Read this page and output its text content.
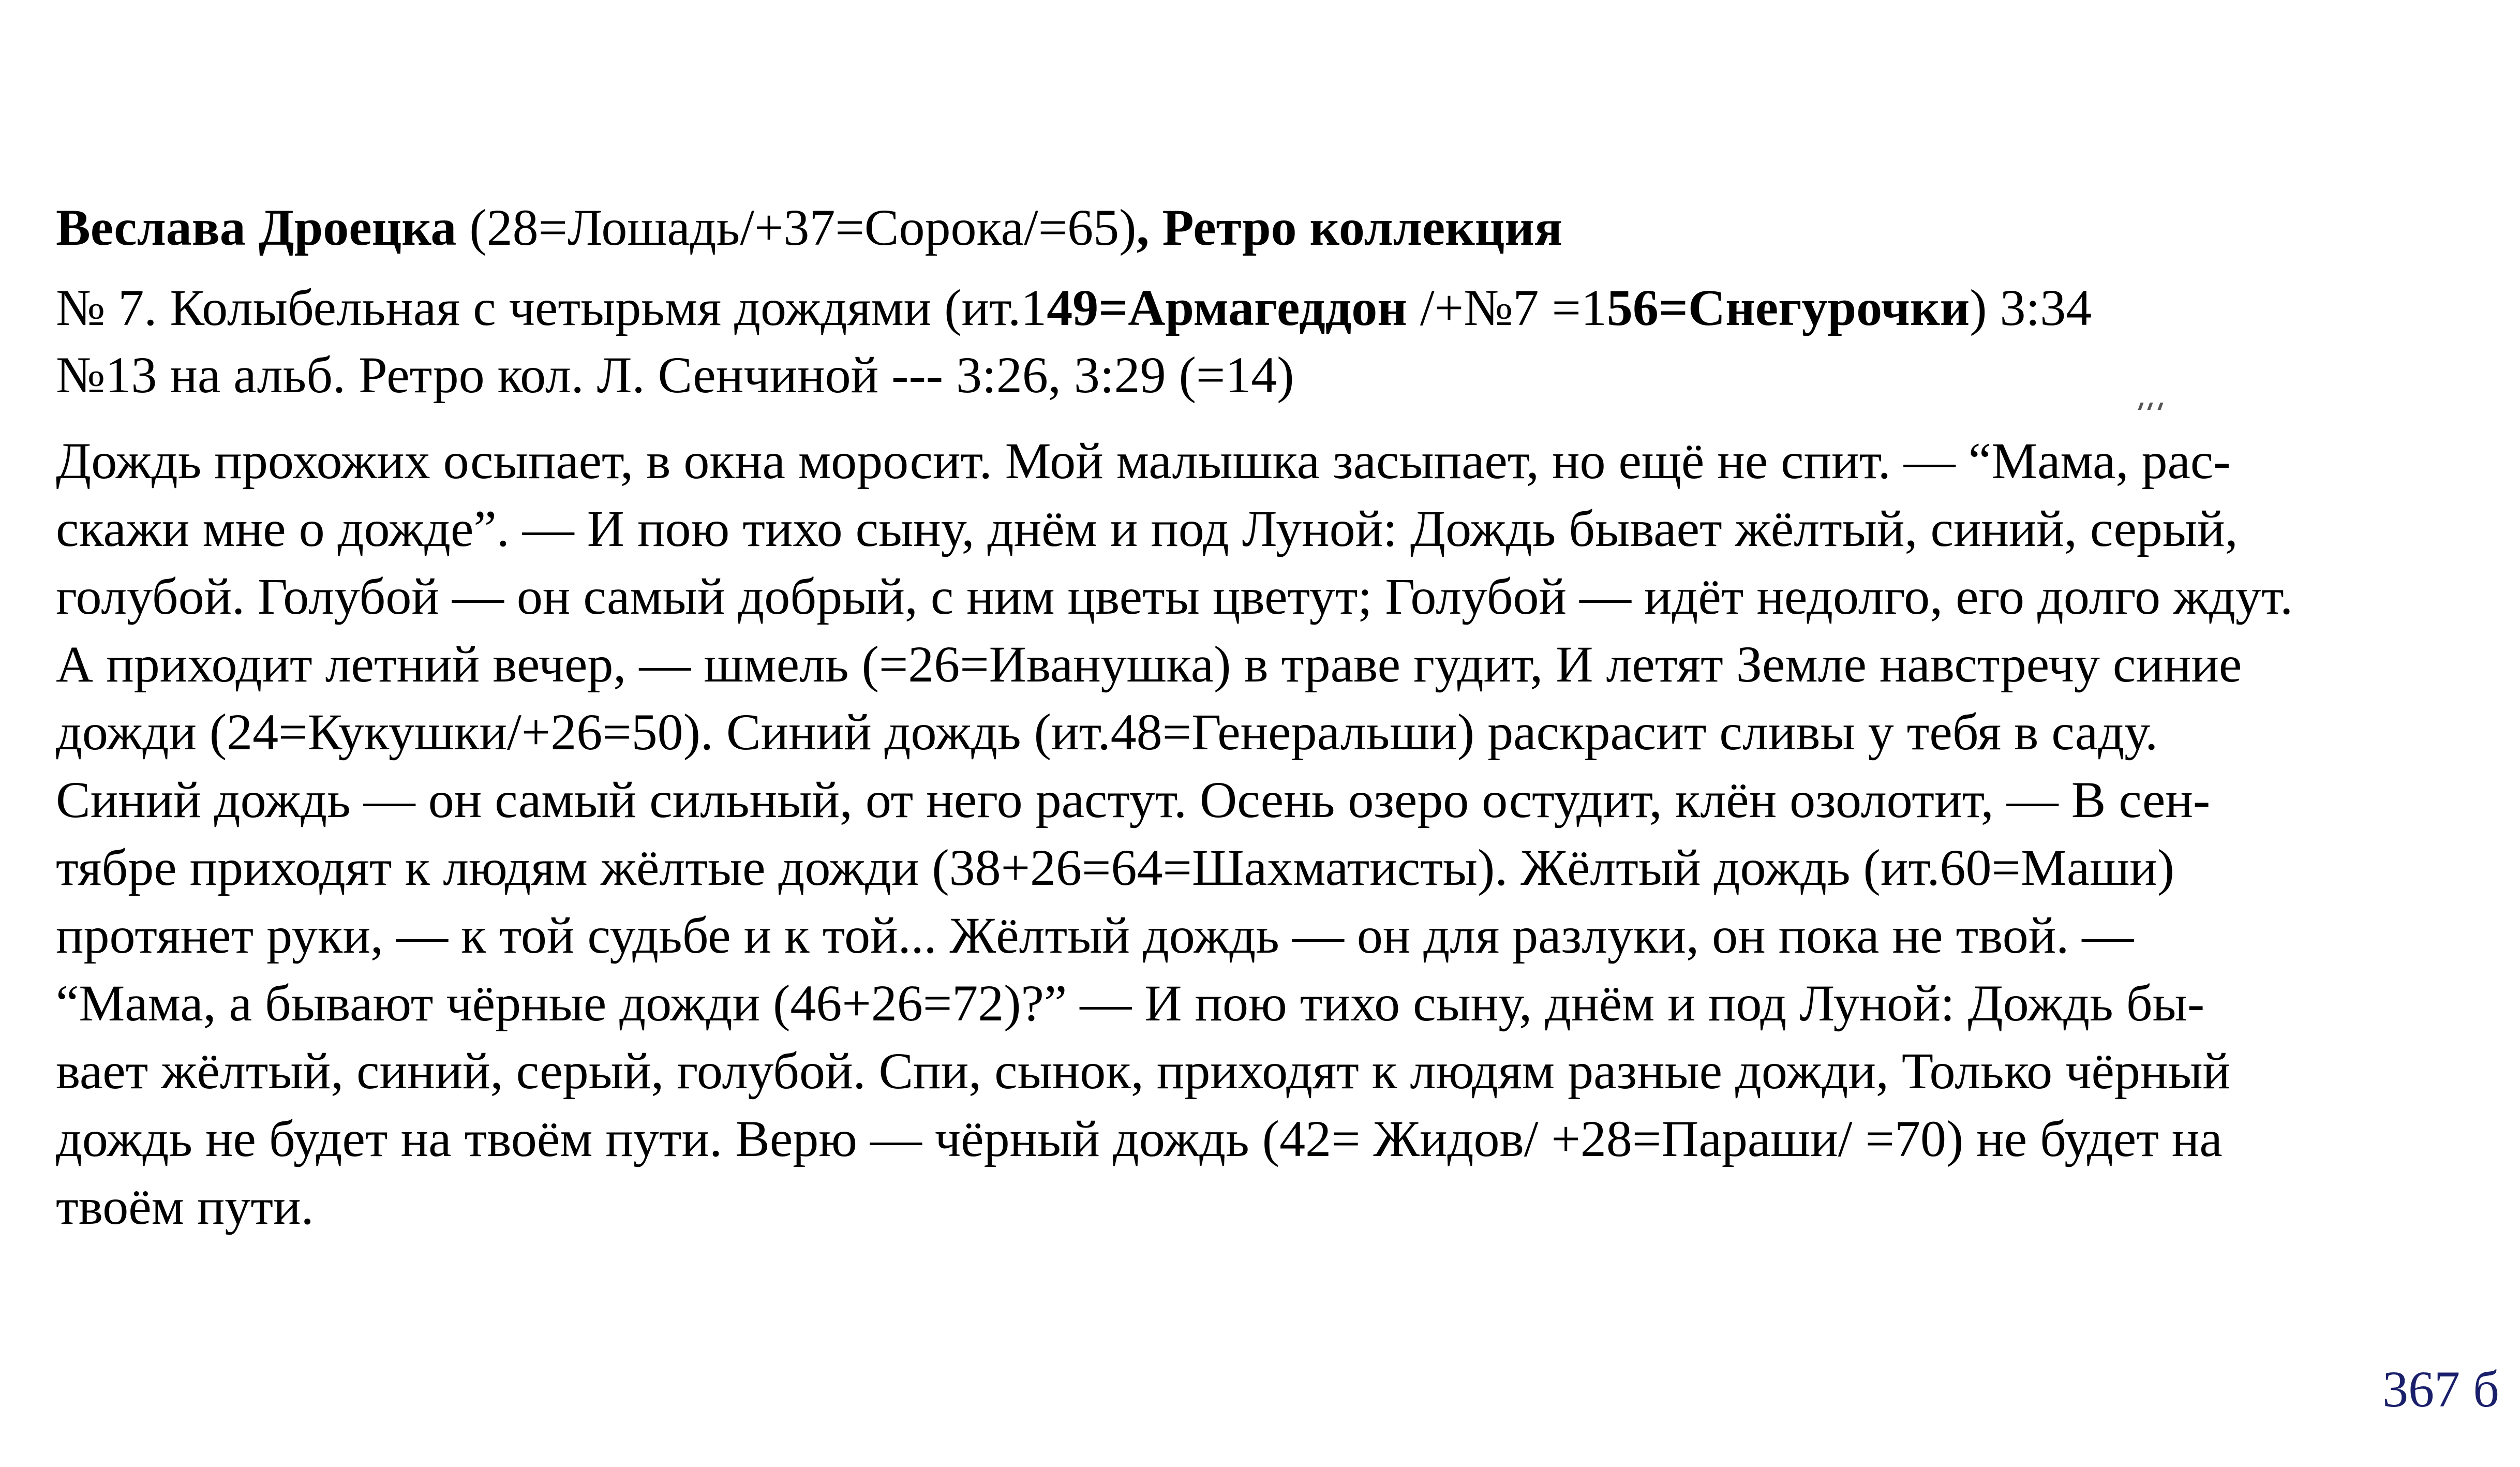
Веслава Дроецка (28=Лошадь/+37=Сорока/=65), Ретро коллекция
№ 7. Колыбельная с четырьмя дождями (ит.149=Армагеддон /+№7 =156=Снегурочки) 3:34
№13 на альб. Ретро кол. Л. Сенчиной --- 3:26, 3:29 (=14)
Дождь прохожих осыпает, в окна моросит. Мой малышка засыпает, но ещё не спит. — “Мама, рас-
скажи мне о дожде”. — И пою тихо сыну, днём и под Луной: Дождь бывает жёлтый, синий, серый,
голубой. Голубой — он самый добрый, с ним цветы цветут; Голубой — идёт недолго, его долго ждут.
А приходит летний вечер, — шмель (=26=Иванушка) в траве гудит, И летят Земле навстречу синие
дожди (24=Кукушки/+26=50). Синий дождь (ит.48=Генеральши) раскрасит сливы у тебя в саду.
Синий дождь — он самый сильный, от него растут. Осень озеро остудит, клён озолотит, — В сен-
тябре приходят к людям жёлтые дожди (38+26=64=Шахматисты). Жёлтый дождь (ит.60=Маши)
протянет руки, — к той судьбе и к той... Жёлтый дождь — он для разлуки, он пока не твой. —
“Мама, а бывают чёрные дожди (46+26=72)?” — И пою тихо сыну, днём и под Луной: Дождь бы-
вает жёлтый, синий, серый, голубой. Спи, сынок, приходят к людям разные дожди, Только чёрный
дождь не будет на твоём пути. Верю — чёрный дождь (42= Жидов/ +28=Параши/ =70) не будет на
твоём пути.
367 б
